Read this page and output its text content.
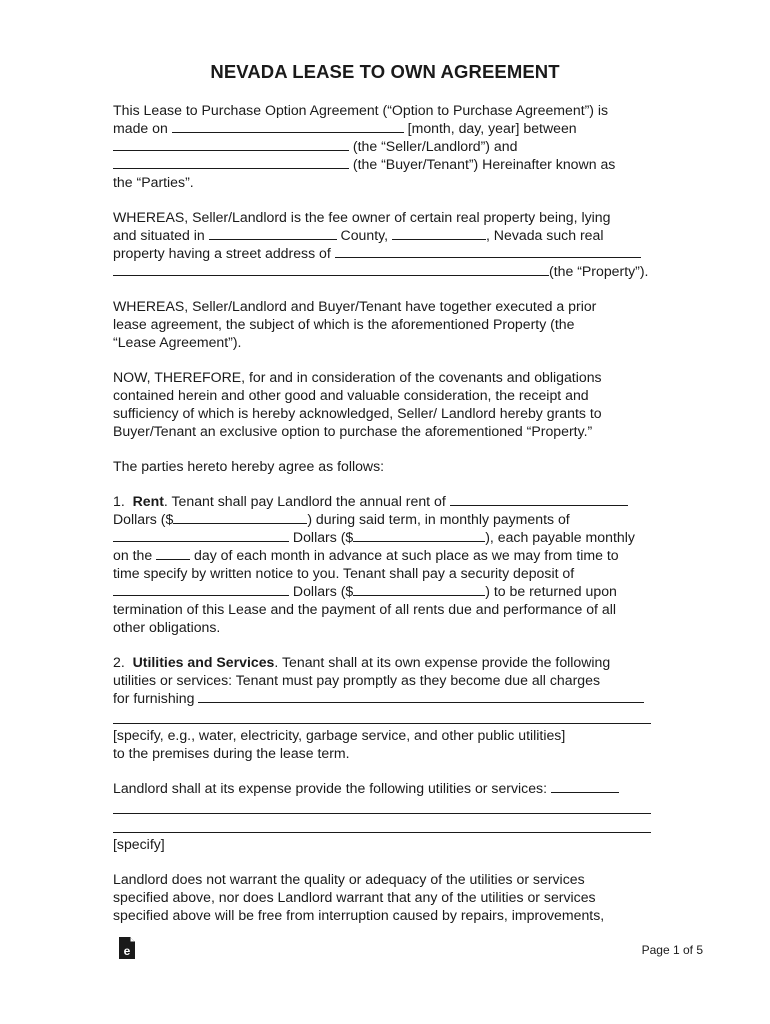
NEVADA LEASE TO OWN AGREEMENT

This Lease to Purchase Option Agreement (“Option to Purchase Agreement”) is
made on	[month, day, year] between
(the “Seller/Landlord”) and
(the “Buyer/Tenant”) Hereinafter known as
the “Parties”.

WHEREAS, Seller/Landlord is the fee owner of certain real property being, lying
and situated in	County,	, Nevada such real
property having a street address of
(the “Property”).

WHEREAS, Seller/Landlord and Buyer/Tenant have together executed a prior
lease agreement, the subject of which is the aforementioned Property (the
“Lease Agreement”).

NOW, THEREFORE, for and in consideration of the covenants and obligations
contained herein and other good and valuable consideration, the receipt and
sufficiency of which is hereby acknowledged, Seller/ Landlord hereby grants to
Buyer/Tenant an exclusive option to purchase the aforementioned “Property.”

The parties hereto hereby agree as follows:

1.  Rent. Tenant shall pay Landlord the annual rent of
Dollars ($	) during said term, in monthly payments of
Dollars ($	), each payable monthly
on the  day of each month in advance at such place as we may from time to
time specify by written notice to you. Tenant shall pay a security deposit of
Dollars ($	) to be returned upon
termination of this Lease and the payment of all rents due and performance of all
other obligations.

2.  Utilities and Services. Tenant shall at its own expense provide the following
utilities or services: Tenant must pay promptly as they become due all charges
for furnishing
[specify, e.g., water, electricity, garbage service, and other public utilities]
to the premises during the lease term.

Landlord shall at its expense provide the following utilities or services:
[specify]

Landlord does not warrant the quality or adequacy of the utilities or services
specified above, nor does Landlord warrant that any of the utilities or services
specified above will be free from interruption caused by repairs, improvements,

e	Page 1 of 5
